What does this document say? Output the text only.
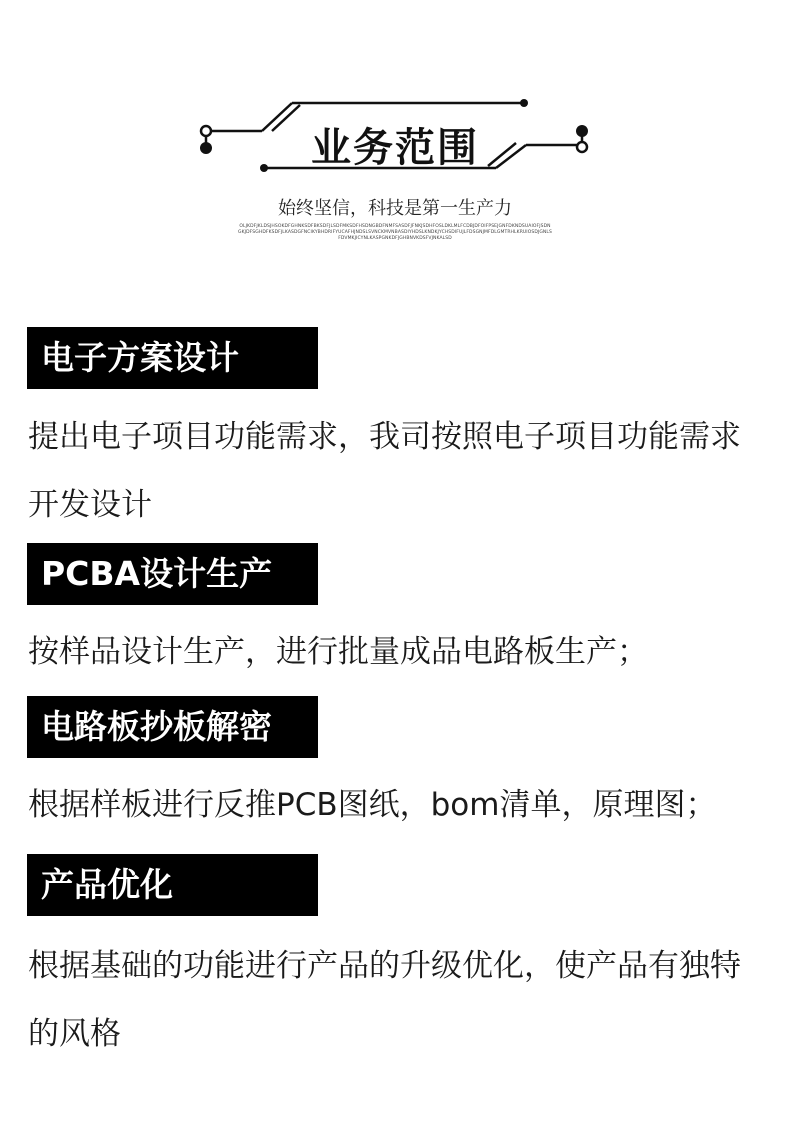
业务范围
始终坚信，科技是第一生产力
OLJKDFJKLDSJHSOKDFGHNKSDFBKSDFJLSDFMKSDFHSDNGBDFNMFSASDFJFNKJSDHFOSLDKLMLFCDBJDFOIFPSEJGNFDKNDSUAIOFJSDNGKJDFSGHDFKSDFJLKASDGFNCIKYBHDRIFYUCAFHJNDSLSVNCKMVNBASDIYHDSLKNDKJYCHSDIFUJLFDSGNJMFDLGMTRHLKRUIOSDJGNLSFDVMKJICYNLKASPGNKDFJGHBNVKDSFVJNKALSD
电子方案设计
提出电子项目功能需求，我司按照电子项目功能需求开发设计
PCBA设计生产
按样品设计生产，进行批量成品电路板生产；
电路板抄板解密
根据样板进行反推PCB图纸，bom清单，原理图；
产品优化
根据基础的功能进行产品的升级优化，使产品有独特的风格
